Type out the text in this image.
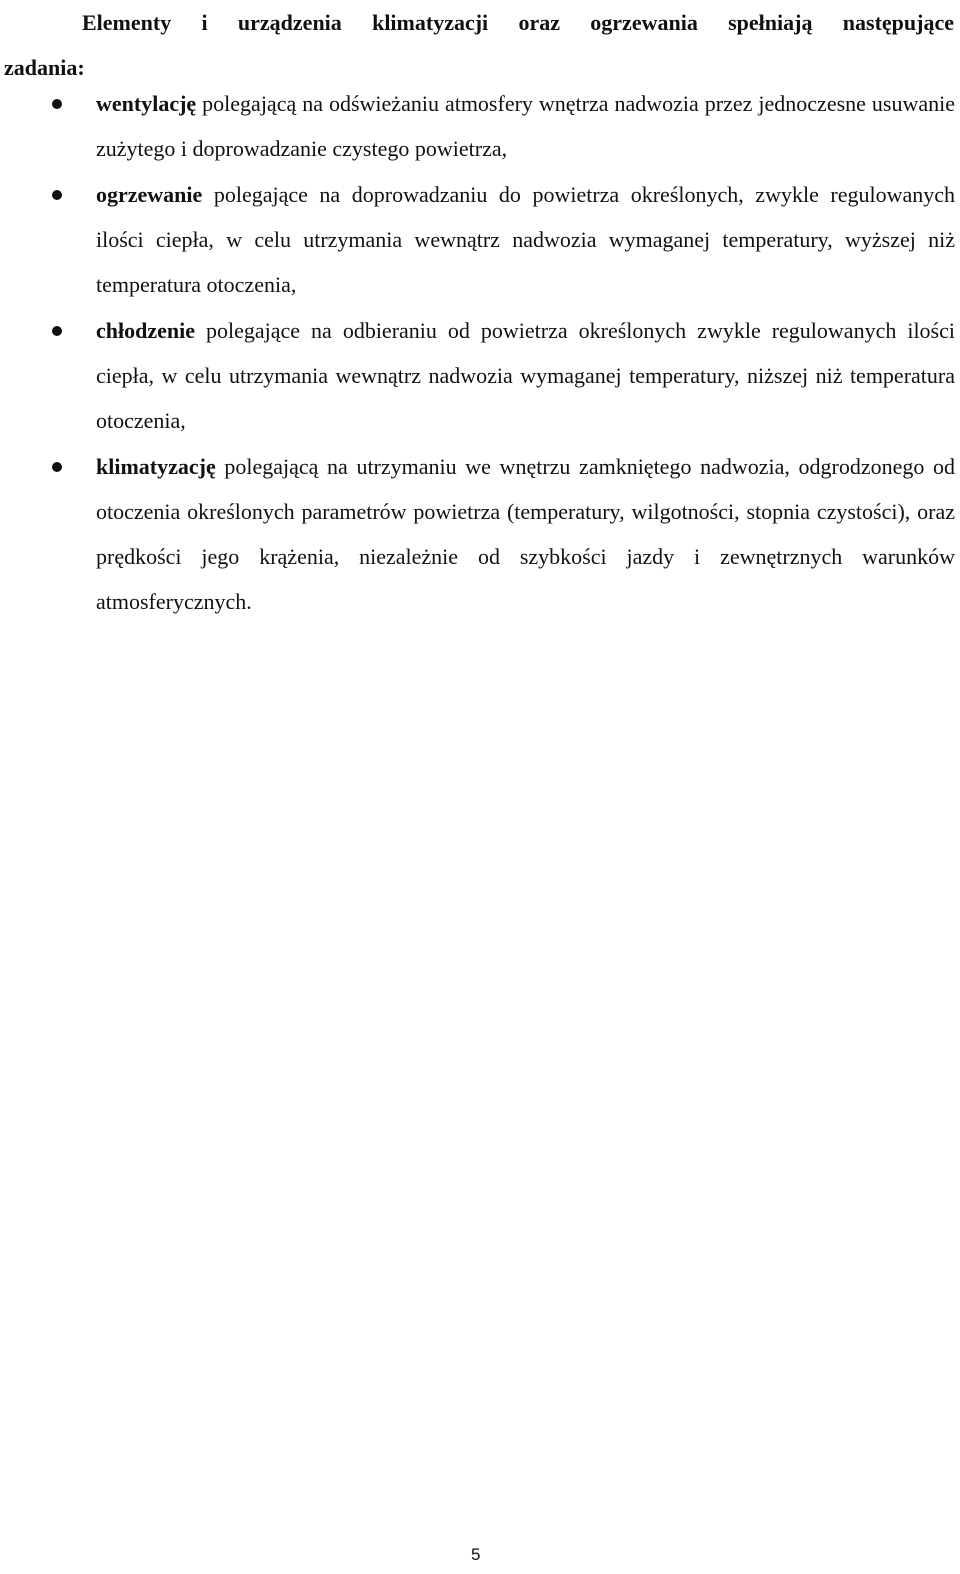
Elementy i urządzenia klimatyzacji oraz ogrzewania spełniają następujące
zadania:

wentylację polegającą na odświeżaniu atmosfery wnętrza nadwozia przez jednoczesne usuwanie zużytego i doprowadzanie czystego powietrza,
ogrzewanie polegające na doprowadzaniu do powietrza określonych, zwykle regulowanych ilości ciepła, w celu utrzymania wewnątrz nadwozia wymaganej temperatury, wyższej niż temperatura otoczenia,
chłodzenie polegające na odbieraniu od powietrza określonych zwykle regulowanych ilości ciepła, w celu utrzymania wewnątrz nadwozia wymaganej temperatury, niższej niż temperatura otoczenia,
klimatyzację polegającą na utrzymaniu we wnętrzu zamkniętego nadwozia, odgrodzonego od otoczenia określonych parametrów powietrza (temperatury, wilgotności, stopnia czystości), oraz prędkości jego krążenia, niezależnie od szybkości jazdy i zewnętrznych warunków atmosferycznych.
5
